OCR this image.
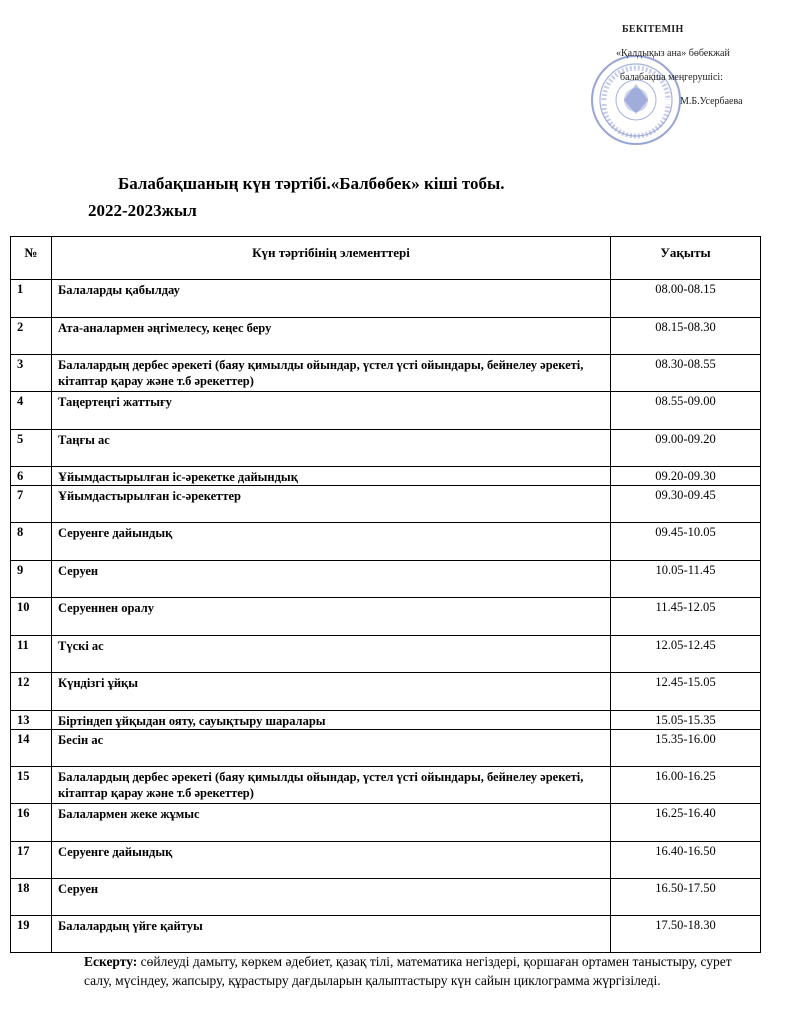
БЕКІТЕМІН
«Қалдықыз ана» бөбекжай
балабақша меңгерушісі:
М.Б.Усербаева
Балабақшаның күн тәртібі.«Балбөбек» кіші тобы.
2022-2023жыл
№	Күн тәртібінің элементтері	Уақыты
1	Балаларды қабылдау	08.00-08.15
2	Ата-аналармен әңгімелесу, кеңес беру	08.15-08.30
3	Балалардың дербес әрекеті (баяу қимылды ойындар, үстел үсті ойындары, бейнелеу әрекеті, кітаптар қарау және т.б әрекеттер)	08.30-08.55
4	Таңертеңгі жаттығу	08.55-09.00
5	Таңғы ас	09.00-09.20
6	Ұйымдастырылған іс-әрекетке дайындық	09.20-09.30
7	Ұйымдастырылған іс-әрекеттер	09.30-09.45
8	Серуенге дайындық	09.45-10.05
9	Серуен	10.05-11.45
10	Серуеннен оралу	11.45-12.05
11	Түскі ас	12.05-12.45
12	Күндізгі ұйқы	12.45-15.05
13	Біртіндеп ұйқыдан ояту, сауықтыру шаралары	15.05-15.35
14	Бесін ас	15.35-16.00
15	Балалардың дербес әрекеті (баяу қимылды ойындар, үстел үсті ойындары, бейнелеу әрекеті, кітаптар қарау және т.б әрекеттер)	16.00-16.25
16	Балалармен жеке жұмыс	16.25-16.40
17	Серуенге дайындық	16.40-16.50
18	Серуен	16.50-17.50
19	Балалардың үйге қайтуы	17.50-18.30
Ескерту: сөйлеуді дамыту, көркем әдебиет, қазақ тілі, математика негіздері, қоршаған ортамен таныстыру, сурет салу, мүсіндеу, жапсыру, құрастыру дағдыларын қалыптастыру күн сайын циклограмма жүргізіледі.
